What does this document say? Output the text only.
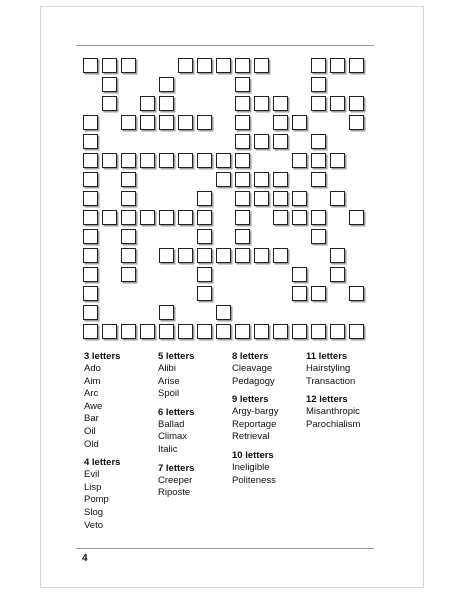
3 letters
Ado
Aim
Arc
Awe
Bar
Oil
Old
4 letters
Evil
Lisp
Pomp
Slog
Veto
5 letters
Alibi
Arise
Spoil
6 letters
Ballad
Climax
Italic
7 letters
Creeper
Riposte
8 letters
Cleavage
Pedagogy
9 letters
Argy-bargy
Reportage
Retrieval
10 letters
Ineligible
Politeness
11 letters
Hairstyling
Transaction
12 letters
Misanthropic
Parochialism
4
